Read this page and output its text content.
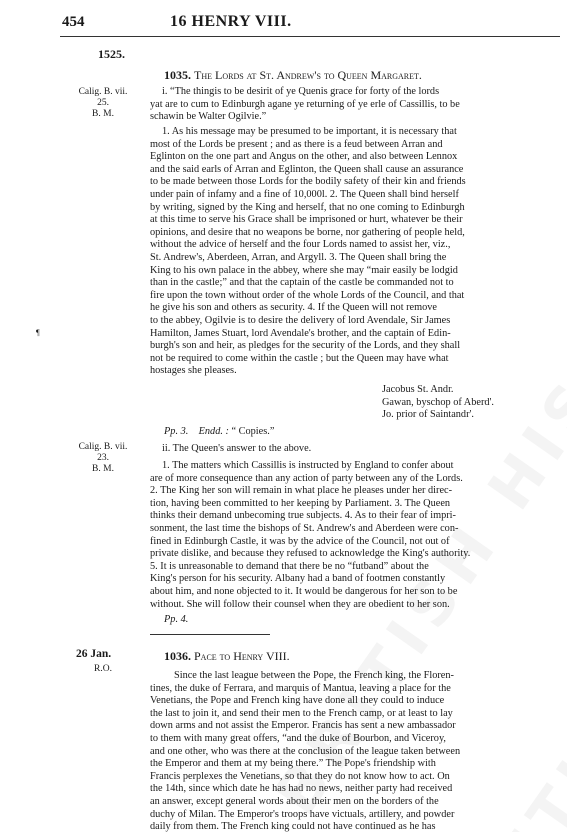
454	16 HENRY VIII.
1525.
1035. The Lords at St. Andrew's to Queen Margaret.
Calig. B. vii.
25.
B. M.
i. “The thingis to be desirit of ye Quenis grace for forty of the lords
yat are to cum to Edinburgh agane ye returning of ye erle of Cassillis, to be
schawin be Walter Ogilvie.”
1. As his message may be presumed to be important, it is necessary that
most of the Lords be present ; and as there is a feud between Arran and
Eglinton on the one part and Angus on the other, and also between Lennox
and the said earls of Arran and Eglinton, the Queen shall cause an assurance
to be made between those Lords for the bodily safety of their kin and friends
under pain of infamy and a fine of 10,000l. 2. The Queen shall bind herself
by writing, signed by the King and herself, that no one coming to Edinburgh
at this time to serve his Grace shall be imprisoned or hurt, whatever be their
opinions, and desire that no weapons be borne, nor gathering of people held,
without the advice of herself and the four Lords named to assist her, viz.,
St. Andrew's, Aberdeen, Arran, and Argyll. 3. The Queen shall bring the
King to his own palace in the abbey, where she may “mair easily be lodgid
than in the castle;” and that the captain of the castle be commanded not to
fire upon the town without order of the whole Lords of the Council, and that
he give his son and others as security. 4. If the Queen will not remove
to the abbey, Ogilvie is to desire the delivery of lord Avendale, Sir James
Hamilton, James Stuart, lord Avendale's brother, and the captain of Edin-
burgh's son and heir, as pledges for the security of the Lords, and they shall
not be required to come within the castle ; but the Queen may have what
hostages she pleases.
Jacobus St. Andr.
Gawan, byschop of Aberd'.
Jo. prior of Saintandr'.
¶
Pp. 3. Endd. : “ Copies.”
Calig. B. vii.
23.
B. M.
ii. The Queen's answer to the above.
1. The matters which Cassillis is instructed by England to confer about
are of more consequence than any action of party between any of the Lords.
2. The King her son will remain in what place he pleases under her direc-
tion, having been committed to her keeping by Parliament. 3. The Queen
thinks their demand unbecoming true subjects. 4. As to their fear of impri-
sonment, the last time the bishops of St. Andrew's and Aberdeen were con-
fined in Edinburgh Castle, it was by the advice of the Council, not out of
private dislike, and because they refused to acknowledge the King's authority.
5. It is unreasonable to demand that there be no “futband” about the
King's person for his security. Albany had a band of footmen constantly
about him, and none objected to it. It would be dangerous for her son to be
without. She will follow their counsel when they are obedient to her son.
Pp. 4.
26 Jan.
R.O.
1036. Pace to Henry VIII.
Since the last league between the Pope, the French king, the Floren-
tines, the duke of Ferrara, and marquis of Mantua, leaving a place for the
Venetians, the Pope and French king have done all they could to induce
the last to join it, and send their men to the French camp, or at least to lay
down arms and not assist the Emperor. Francis has sent a new ambassador
to them with many great offers, “and the duke of Bourbon, and Viceroy,
and one other, who was there at the conclusion of the league taken between
the Emperor and them at my being there.” The Pope's friendship with
Francis perplexes the Venetians, so that they do not know how to act. On
the 14th, since which date he has had no news, neither party had received
an answer, except general words about their men on the borders of the
duchy of Milan. The Emperor's troops have victuals, artillery, and powder
daily from them. The French king could not have continued as he has
